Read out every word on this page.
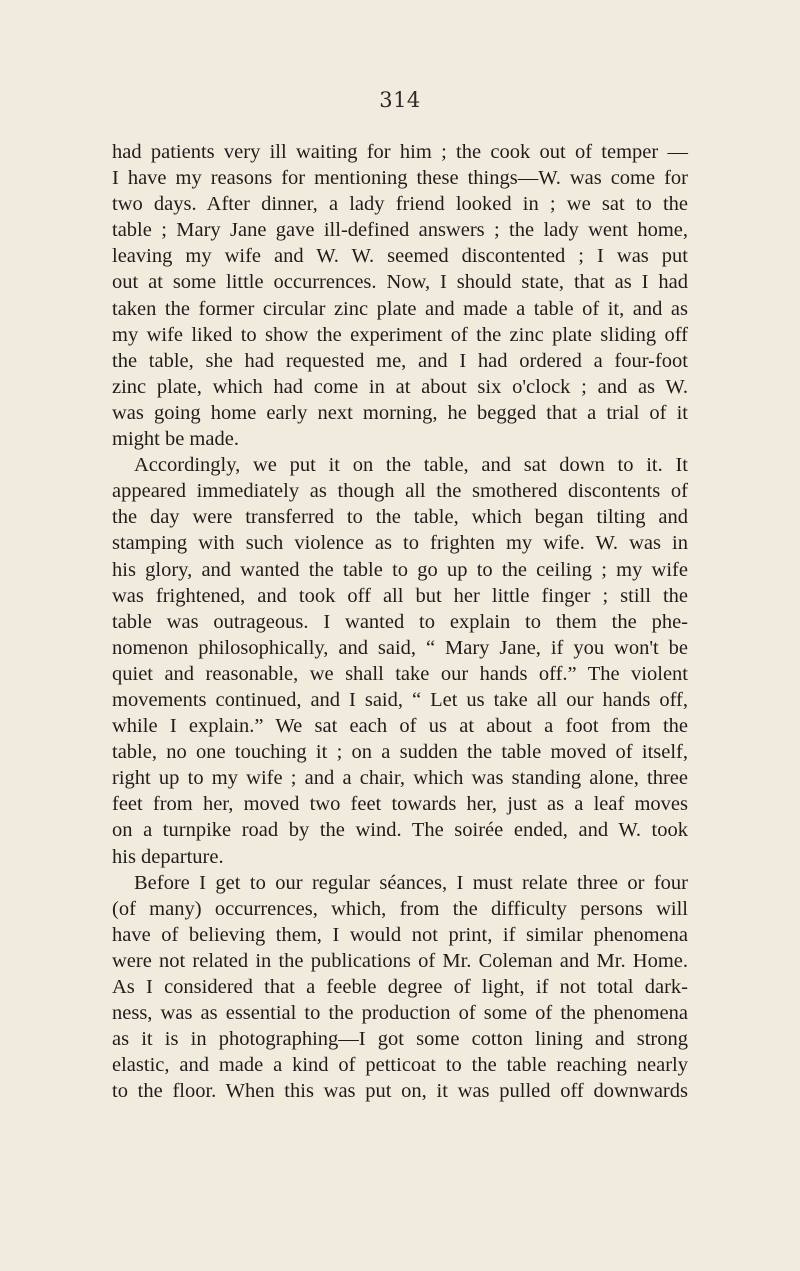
314
had patients very ill waiting for him ; the cook out of temper —
I have my reasons for mentioning these things—W. was come for
two days. After dinner, a lady friend looked in ; we sat to the
table ; Mary Jane gave ill-defined answers ; the lady went home,
leaving my wife and W. W. seemed discontented ; I was put
out at some little occurrences. Now, I should state, that as I had
taken the former circular zinc plate and made a table of it, and as
my wife liked to show the experiment of the zinc plate sliding off
the table, she had requested me, and I had ordered a four-foot
zinc plate, which had come in at about six o'clock ; and as W.
was going home early next morning, he begged that a trial of it
might be made.
Accordingly, we put it on the table, and sat down to it. It
appeared immediately as though all the smothered discontents of
the day were transferred to the table, which began tilting and
stamping with such violence as to frighten my wife. W. was in
his glory, and wanted the table to go up to the ceiling ; my wife
was frightened, and took off all but her little finger ; still the
table was outrageous. I wanted to explain to them the phe-
nomenon philosophically, and said, “ Mary Jane, if you won't be
quiet and reasonable, we shall take our hands off.” The violent
movements continued, and I said, “ Let us take all our hands off,
while I explain.” We sat each of us at about a foot from the
table, no one touching it ; on a sudden the table moved of itself,
right up to my wife ; and a chair, which was standing alone, three
feet from her, moved two feet towards her, just as a leaf moves
on a turnpike road by the wind. The soirée ended, and W. took
his departure.
Before I get to our regular séances, I must relate three or four
(of many) occurrences, which, from the difficulty persons will
have of believing them, I would not print, if similar phenomena
were not related in the publications of Mr. Coleman and Mr. Home.
As I considered that a feeble degree of light, if not total dark-
ness, was as essential to the production of some of the phenomena
as it is in photographing—I got some cotton lining and strong
elastic, and made a kind of petticoat to the table reaching nearly
to the floor. When this was put on, it was pulled off downwards
